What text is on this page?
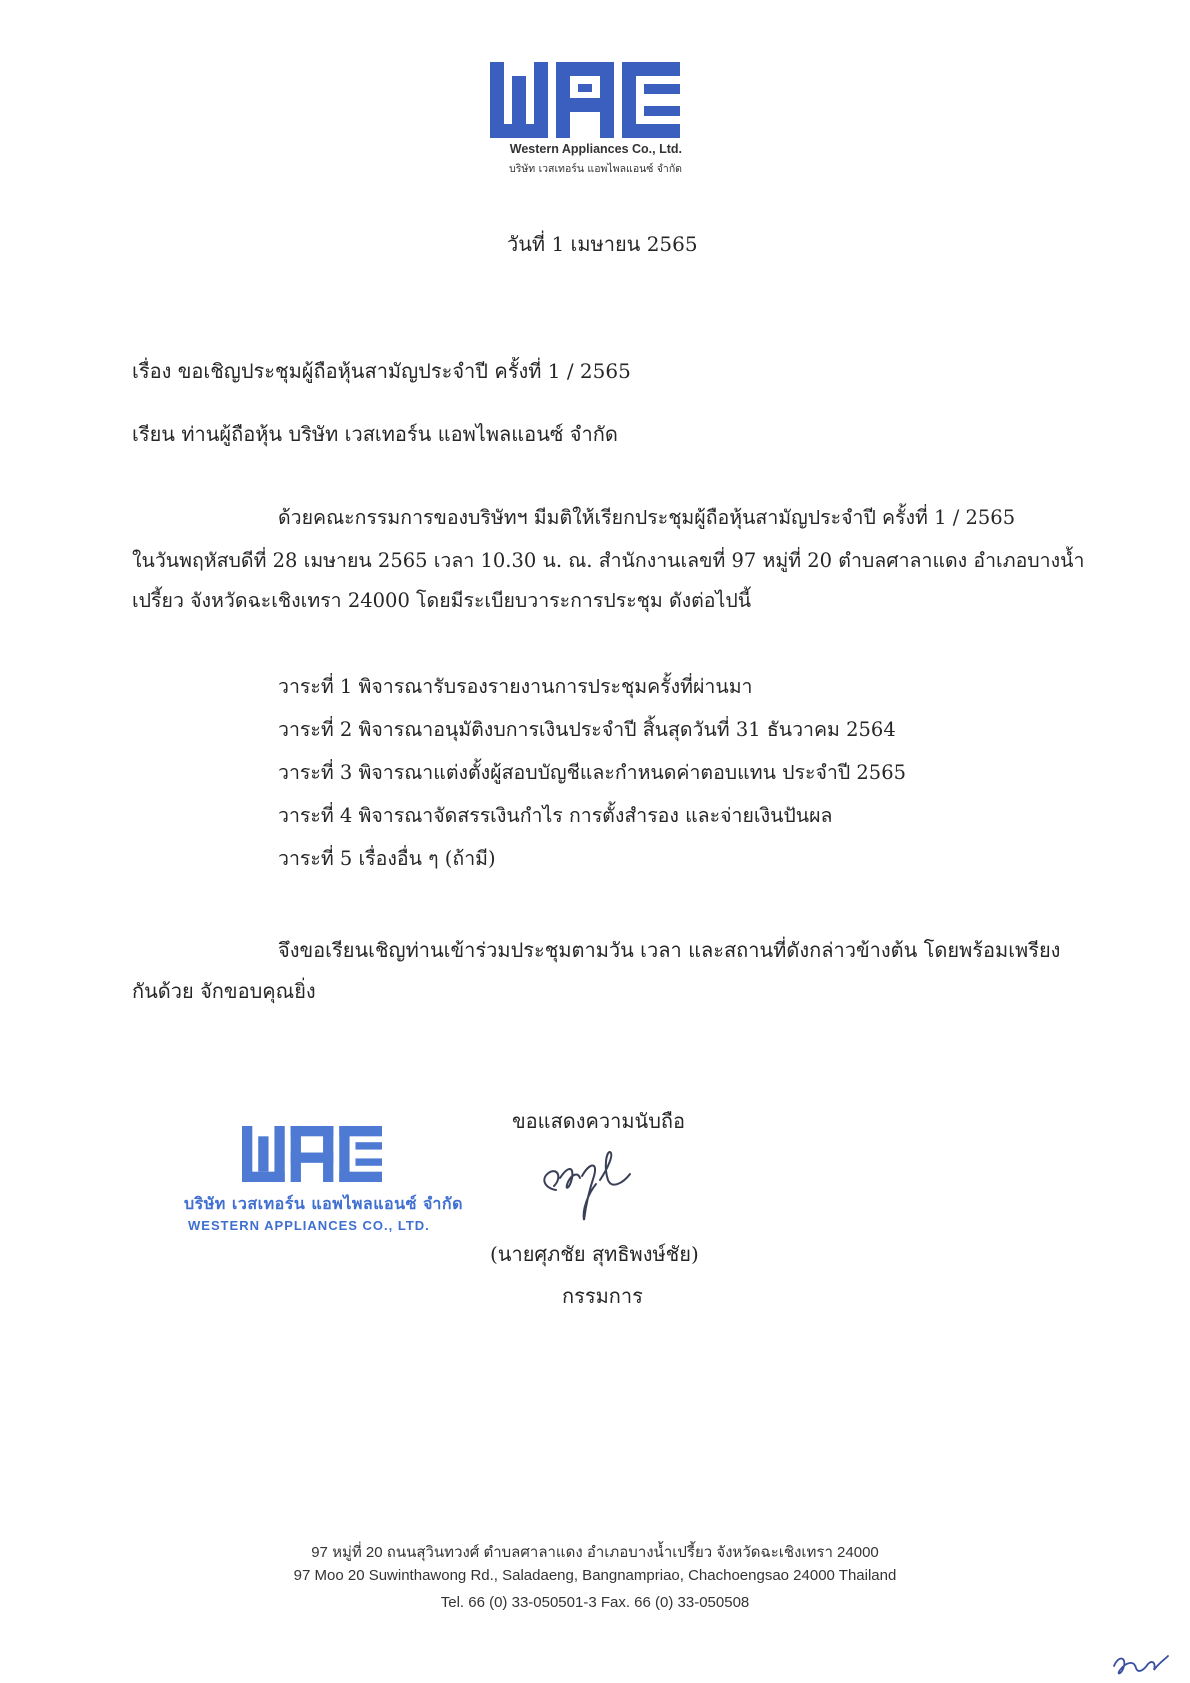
Western Appliances Co., Ltd.
บริษัท เวสเทอร์น แอพไพลแอนซ์ จำกัด
วันที่ 1 เมษายน 2565
เรื่อง ขอเชิญประชุมผู้ถือหุ้นสามัญประจำปี ครั้งที่ 1 / 2565
เรียน ท่านผู้ถือหุ้น บริษัท เวสเทอร์น แอพไพลแอนซ์ จำกัด
ด้วยคณะกรรมการของบริษัทฯ มีมติให้เรียกประชุมผู้ถือหุ้นสามัญประจำปี ครั้งที่ 1 / 2565
ในวันพฤหัสบดีที่ 28 เมษายน 2565 เวลา 10.30 น. ณ. สำนักงานเลขที่ 97 หมู่ที่ 20 ตำบลศาลาแดง อำเภอบางน้ำ
เปรี้ยว จังหวัดฉะเชิงเทรา 24000 โดยมีระเบียบวาระการประชุม ดังต่อไปนี้
วาระที่ 1 พิจารณารับรองรายงานการประชุมครั้งที่ผ่านมา
วาระที่ 2 พิจารณาอนุมัติงบการเงินประจำปี สิ้นสุดวันที่ 31 ธันวาคม 2564
วาระที่ 3 พิจารณาแต่งตั้งผู้สอบบัญชีและกำหนดค่าตอบแทน ประจำปี 2565
วาระที่ 4 พิจารณาจัดสรรเงินกำไร การตั้งสำรอง และจ่ายเงินปันผล
วาระที่ 5 เรื่องอื่น ๆ (ถ้ามี)
จึงขอเรียนเชิญท่านเข้าร่วมประชุมตามวัน เวลา และสถานที่ดังกล่าวข้างต้น โดยพร้อมเพรียง
กันด้วย จักขอบคุณยิ่ง
ขอแสดงความนับถือ
บริษัท เวสเทอร์น แอพไพลแอนซ์ จำกัด
WESTERN APPLIANCES CO., LTD.
(นายศุภชัย สุทธิพงษ์ชัย)
กรรมการ
97 หมู่ที่ 20 ถนนสุวินทวงศ์ ตำบลศาลาแดง อำเภอบางน้ำเปรี้ยว จังหวัดฉะเชิงเทรา 24000
97 Moo 20 Suwinthawong Rd., Saladaeng, Bangnampriao, Chachoengsao 24000 Thailand
Tel. 66 (0) 33-050501-3 Fax. 66 (0) 33-050508
